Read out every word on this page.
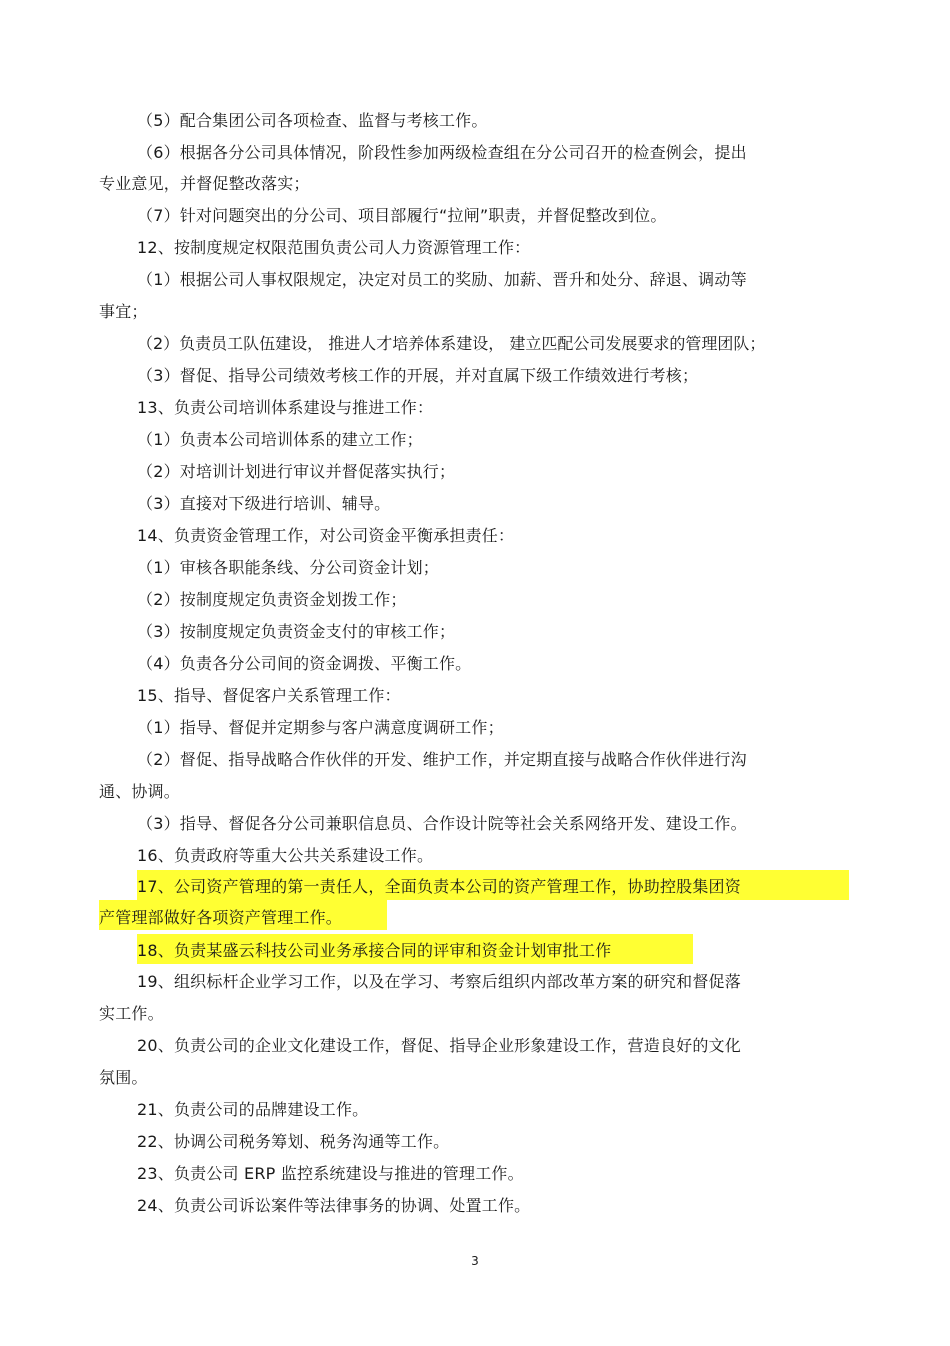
（5）配合集团公司各项检查、监督与考核工作。
（6）根据各分公司具体情况，阶段性参加两级检查组在分公司召开的检查例会，提出
专业意见，并督促整改落实；
（7）针对问题突出的分公司、项目部履行“拉闸”职责，并督促整改到位。
12、按制度规定权限范围负责公司人力资源管理工作：
（1）根据公司人事权限规定，决定对员工的奖励、加薪、晋升和处分、辞退、调动等
事宜；
（2）负责员工队伍建设， 推进人才培养体系建设， 建立匹配公司发展要求的管理团队；
（3）督促、指导公司绩效考核工作的开展，并对直属下级工作绩效进行考核；
13、负责公司培训体系建设与推进工作：
（1）负责本公司培训体系的建立工作；
（2）对培训计划进行审议并督促落实执行；
（3）直接对下级进行培训、辅导。
14、负责资金管理工作，对公司资金平衡承担责任：
（1）审核各职能条线、分公司资金计划；
（2）按制度规定负责资金划拨工作；
（3）按制度规定负责资金支付的审核工作；
（4）负责各分公司间的资金调拨、平衡工作。
15、指导、督促客户关系管理工作：
（1）指导、督促并定期参与客户满意度调研工作；
（2）督促、指导战略合作伙伴的开发、维护工作，并定期直接与战略合作伙伴进行沟
通、协调。
（3）指导、督促各分公司兼职信息员、合作设计院等社会关系网络开发、建设工作。
16、负责政府等重大公共关系建设工作。
17、公司资产管理的第一责任人，全面负责本公司的资产管理工作，协助控股集团资
产管理部做好各项资产管理工作。
18、负责某盛云科技公司业务承接合同的评审和资金计划审批工作
19、组织标杆企业学习工作，以及在学习、考察后组织内部改革方案的研究和督促落
实工作。
20、负责公司的企业文化建设工作，督促、指导企业形象建设工作，营造良好的文化
氛围。
21、负责公司的品牌建设工作。
22、协调公司税务筹划、税务沟通等工作。
23、负责公司 ERP 监控系统建设与推进的管理工作。
24、负责公司诉讼案件等法律事务的协调、处置工作。
3
